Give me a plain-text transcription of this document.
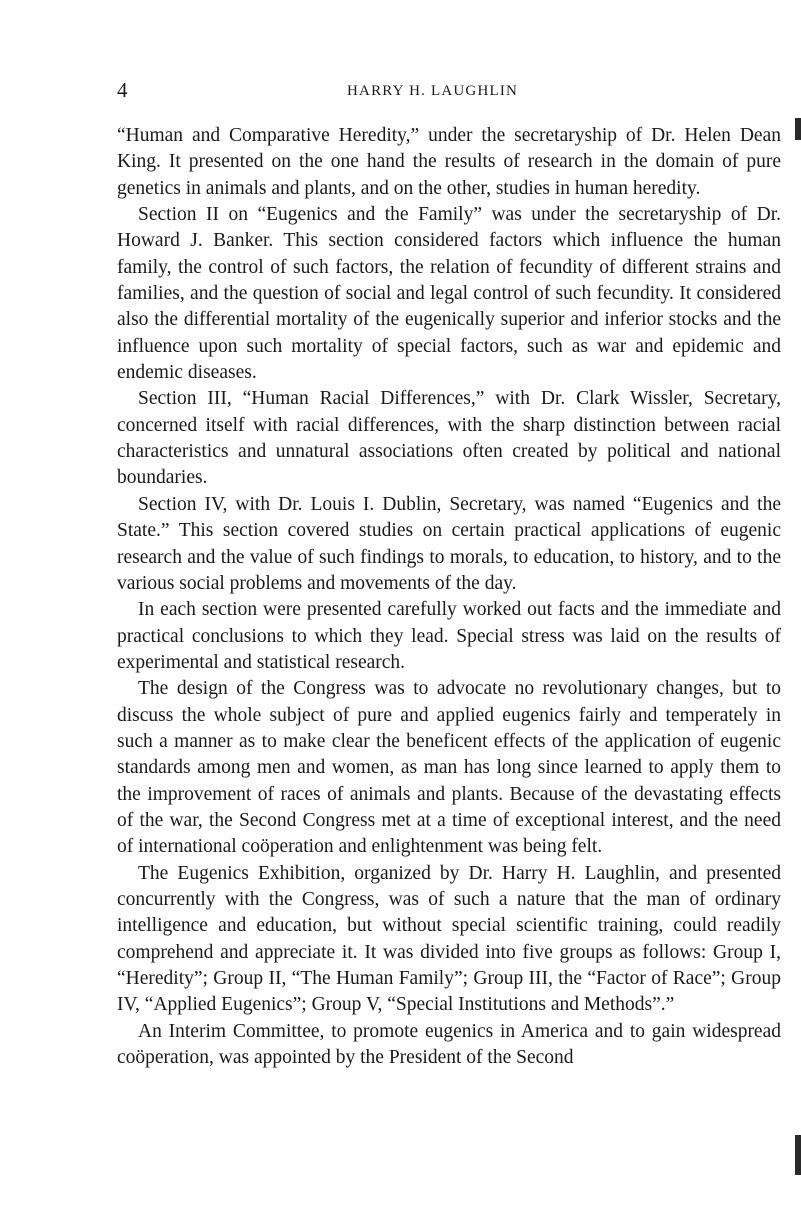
4	HARRY H. LAUGHLIN

“Human and Comparative Heredity,” under the secretaryship of Dr. Helen Dean King. It presented on the one hand the results of research in the domain of pure genetics in animals and plants, and on the other, studies in human heredity.

Section II on “Eugenics and the Family” was under the secretaryship of Dr. Howard J. Banker. This section considered factors which influence the human family, the control of such factors, the relation of fecundity of different strains and families, and the question of social and legal control of such fecundity. It considered also the differential mortality of the eugenically superior and inferior stocks and the influence upon such mortality of special factors, such as war and epidemic and endemic diseases.

Section III, “Human Racial Differences,” with Dr. Clark Wissler, Secretary, concerned itself with racial differences, with the sharp distinction between racial characteristics and unnatural associations often created by political and national boundaries.

Section IV, with Dr. Louis I. Dublin, Secretary, was named “Eugenics and the State.” This section covered studies on certain practical applications of eugenic research and the value of such findings to morals, to education, to history, and to the various social problems and movements of the day.

In each section were presented carefully worked out facts and the immediate and practical conclusions to which they lead. Special stress was laid on the results of experimental and statistical research.

The design of the Congress was to advocate no revolutionary changes, but to discuss the whole subject of pure and applied eugenics fairly and temperately in such a manner as to make clear the beneficent effects of the application of eugenic standards among men and women, as man has long since learned to apply them to the improvement of races of animals and plants. Because of the devastating effects of the war, the Second Congress met at a time of exceptional interest, and the need of international coöperation and enlightenment was being felt.

The Eugenics Exhibition, organized by Dr. Harry H. Laughlin, and presented concurrently with the Congress, was of such a nature that the man of ordinary intelligence and education, but without special scientific training, could readily comprehend and appreciate it. It was divided into five groups as follows: Group I, “Heredity”; Group II, “The Human Family”; Group III, the “Factor of Race”; Group IV, “Applied Eugenics”; Group V, “Special Institutions and Methods”.”

An Interim Committee, to promote eugenics in America and to gain widespread coöperation, was appointed by the President of the Second
